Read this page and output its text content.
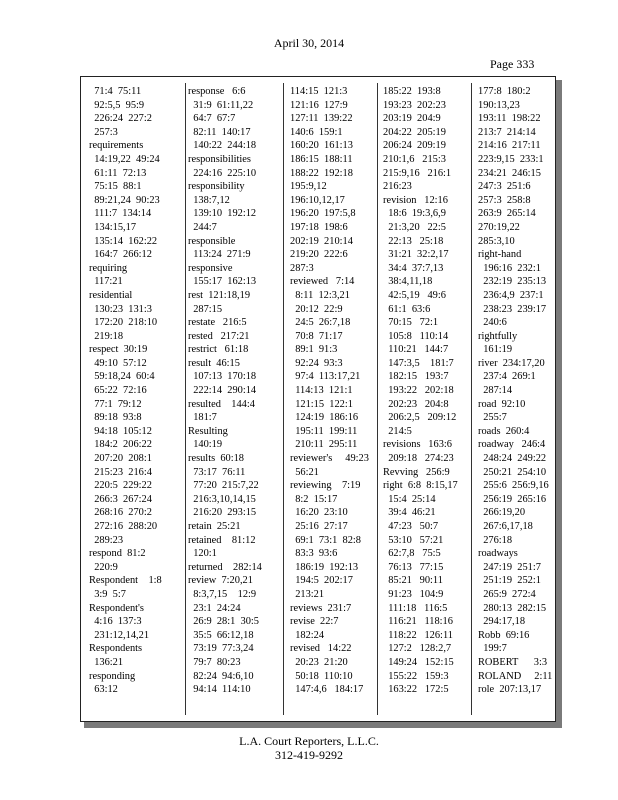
April 30, 2014
Page 333
71:4  75:11
92:5,5  95:9
226:24  227:2
257:3
requirements
14:19,22  49:24
61:11  72:13
75:15  88:1
89:21,24  90:23
111:7  134:14
134:15,17
135:14  162:22
164:7  266:12
requiring
117:21
residential
130:23  131:3
172:20  218:10
219:18
respect  30:19
49:10  57:12
59:18,24  60:4
65:22  72:16
77:1  79:12
89:18  93:8
94:18  105:12
184:2  206:22
207:20  208:1
215:23  216:4
220:5  229:22
266:3  267:24
268:16  270:2
272:16  288:20
289:23
respond  81:2
220:9
Respondent    1:8
3:9  5:7
Respondent's
4:16  137:3
231:12,14,21
Respondents
136:21
responding
63:12
response   6:6
31:9  61:11,22
64:7  67:7
82:11  140:17
140:22  244:18
responsibilities
224:16  225:10
responsibility
138:7,12
139:10  192:12
244:7
responsible
113:24  271:9
responsive
155:17  162:13
rest  121:18,19
287:15
restate   216:5
rested   217:21
restrict   61:18
result  46:15
107:13  170:18
222:14  290:14
resulted    144:4
181:7
Resulting
140:19
results  60:18
73:17  76:11
77:20  215:7,22
216:3,10,14,15
216:20  293:15
retain  25:21
retained    81:12
120:1
returned    282:14
review  7:20,21
8:3,7,15    12:9
23:1  24:24
26:9  28:1  30:5
35:5  66:12,18
73:19  77:3,24
79:7  80:23
82:24  94:6,10
94:14  114:10
114:15  121:3
121:16  127:9
127:11  139:22
140:6  159:1
160:20  161:13
186:15  188:11
188:22  192:18
195:9,12
196:10,12,17
196:20  197:5,8
197:18  198:6
202:19  210:14
219:20  222:6
287:3
reviewed   7:14
8:11  12:3,21
20:12  22:9
24:5  26:7,18
70:8  71:17
89:1  91:3
92:24  93:3
97:4  113:17,21
114:13  121:1
121:15  122:1
124:19  186:16
195:11  199:11
210:11  295:11
reviewer's     49:23
56:21
reviewing    7:19
8:2  15:17
16:20  23:10
25:16  27:17
69:1  73:1  82:8
83:3  93:6
186:19  192:13
194:5  202:17
213:21
reviews  231:7
revise  22:7
182:24
revised   14:22
20:23  21:20
50:18  110:10
147:4,6   184:17
185:22  193:8
193:23  202:23
203:19  204:9
204:22  205:19
206:24  209:19
210:1,6   215:3
215:9,16   216:1
216:23
revision   12:16
18:6  19:3,6,9
21:3,20   22:5
22:13   25:18
31:21  32:2,17
34:4  37:7,13
38:4,11,18
42:5,19   49:6
61:1  63:6
70:15   72:1
105:8   110:14
110:21   144:7
147:3,5    181:7
182:15   193:7
193:22   202:18
202:23   204:8
206:2,5   209:12
214:5
revisions   163:6
209:18   274:23
Revving   256:9
right  6:8  8:15,17
15:4  25:14
39:4  46:21
47:23   50:7
53:10   57:21
62:7,8   75:5
76:13   77:15
85:21   90:11
91:23   104:9
111:18   116:5
116:21   118:16
118:22   126:11
127:2   128:2,7
149:24   152:15
155:22   159:3
163:22   172:5
177:8  180:2
190:13,23
193:11  198:22
213:7  214:14
214:16  217:11
223:9,15  233:1
234:21  246:15
247:3  251:6
257:3  258:8
263:9  265:14
270:19,22
285:3,10
right-hand
196:16  232:1
232:19  235:13
236:4,9  237:1
238:23  239:17
240:6
rightfully
161:19
river  234:17,20
237:4  269:1
287:14
road  92:10
255:7
roads  260:4
roadway   246:4
248:24  249:22
250:21  254:10
255:6  256:9,16
256:19  265:16
266:19,20
267:6,17,18
276:18
roadways
247:19  251:7
251:19  252:1
265:9  272:4
280:13  282:15
294:17,18
Robb  69:16
199:7
ROBERT      3:3
ROLAND     2:11
role  207:13,17
L.A. Court Reporters, L.L.C.
312-419-9292
